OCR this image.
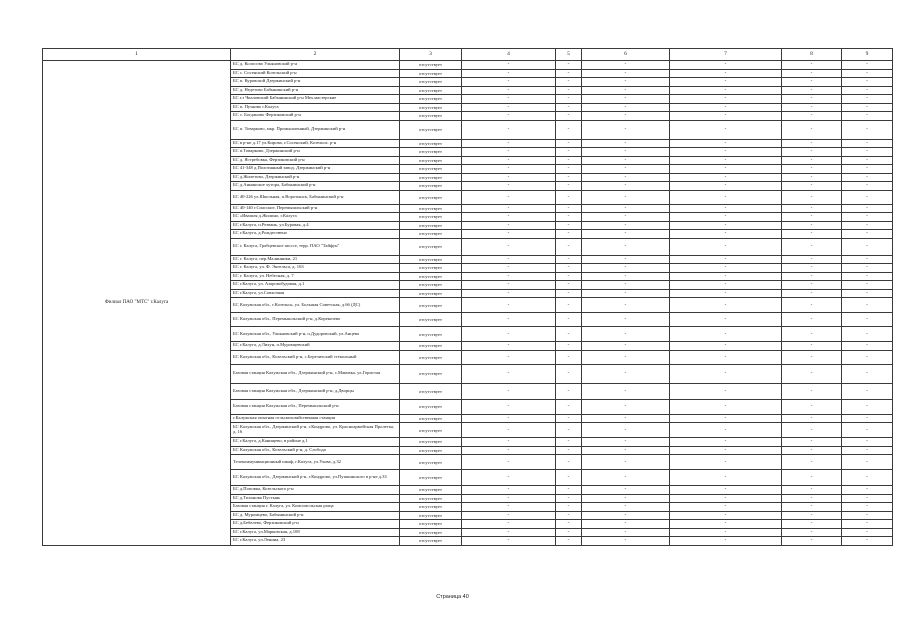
1	2	3	4	5	6	7	8	9
Филиал ПАО "МТС" г.Калуга	БС д. Колосово Ульяновский р-н	отсутствует	-	-	-	-	-	-
	БС с. Сосенский Козельский р-н	отсутствует	-	-	-	-	-	-
	БС п. Куровской Дзержинский р-н	отсутствует	-	-	-	-	-	-
	БС д. Недетово Бабынинский р-н	отсутствует	-	-	-	-	-	-
	БС г.з Чкаловский Бабынинский р-н Мех.мастерские	отсутствует	-	-	-	-	-	-
	БС п. Пучково г.Калуга	отсутствует	-	-	-	-	-	-
	БС с. Богданово Ферзиковский р-н	отсутствует	-	-	-	-	-	-
	БС п. Товарково, мкр. Промышленный, Дзержинский р-н	отсутствует	-	-	-	-	-	-
	БС в р-не д.17 ул.Кирова, г.Сосенский, Козельск. р-н	отсутствует	-	-	-	-	-	-
	БС п.Товарково, Дзержинский р-н	отсутствует	-	-	-	-	-	-
	БС д. Ястребовка, Ферзиковский р-н	отсутствует	-	-	-	-	-	-
	БС 41-348 д.Полотняный завод, Дзержинский р-н	отсутствует	-	-	-	-	-	-
	БС д.Жилетово, Дзержинский р-н	отсутствует	-	-	-	-	-	-
	БС д.Аннинское хутора, Бабынинский р-н	отсутствует	-	-	-	-	-	-
	БС 40-226 ул.Школьная, п.Воротынск, Бабынинский р-н	отсутствует	-	-	-	-	-	-
	БС 40-140 г.Спасское, Перемышльский р-н	отсутствует	-	-	-	-	-	-
	БС «Ивашля д.Жилино, г.Калуга	отсутствует	-	-	-	-	-	-
	БС г.Калуга, п.Резвань, ул.Буровая, д.4	отсутствует	-	-	-	-	-	-
	БС г.Калуга, д.Рождествено	отсутствует	-	-	-	-	-	-
	БС г. Калуга, Грабцевское шоссе, терр. ПАО "Тайфун"	отсутствует	-	-	-	-	-	-
	БС г. Калуга, пер.Малинники, 21	отсутствует	-	-	-	-	-	-
	БС г. Калуга, ул. Ф. Энгельса, д. 163	отсутствует	-	-	-	-	-	-
	БС г. Калуга, ул. Небесная, д. 7	отсутствует	-	-	-	-	-	-
	БС г.Калуга, ул. Азаровобудовая, д.1	отсутствует	-	-	-	-	-	-
	БС г.Калуга, ул.Совхозная	отсутствует	-	-	-	-	-	-
	БС Калужская обл., г.Козельск, ул. Большая Советская, д.66 (ДС)	отсутствует	-	-	-	-	-	-
	БС Калужская обл., Перемышльский р-н, д.Корекозево	отсутствует	-	-	-	-	-	-
	БС Калужская обл., Ульяновский р-н, п.Дудоровский, ул.Анцева	отсутствует	-	-	-	-	-	-
	БС г.Калуга, д.Лихун, п.Муромцевский	отсутствует	-	-	-	-	-	-
	БС Калужская обл., Козельский р-н, с.Березичский стекольный	отсутствует	-	-	-	-	-	-
	Базовая станция Калужская обл., Дзержинский р-н, с.Маковка, ул.Гористая	отсутствует	-	-	-	-	-	-
	Базовая станция Калужская обл., Дзержинский р-н, д.Дворцы	отсутствует	-	-	-	-	-	-
	Базовая станция Калужская обл., Перемышльский р-н	отсутствует	-	-	-	-	-	-
	г.Калужская опытная сельскохозяйственная станция	отсутствует	-	-	-	-	-	-
	БС Калужская обл., Дзержинский р-н, г.Кондрово, ул. Красноармейская Пролетка, д. 16	отсутствует	-	-	-	-	-	-
	БС г.Калуга, д.Канищево, в районе д.1	отсутствует	-	-	-	-	-	-
	БС Калужская обл., Козельский р-н, д. Слобода	отсутствует	-	-	-	-	-	-
	Телекоммуникационный шкаф, г.Калуга, ул.Ухова, д.32	отсутствует	-	-	-	-	-	-
	БС Калужская обл., Дзержинский р-н, г.Кондрово, ул.Пушкинского в р-не д.33	отсутствует	-	-	-	-	-	-
	БС д.Поповка, Козельского р-н	отсутствует	-	-	-	-	-	-
	БС д.Тихонова Пустынь	отсутствует	-	-	-	-	-	-
	Базовая станция г. Калуга, ул. Комсомольская роща	отсутствует	-	-	-	-	-	-
	БС д. Муромцево, Бабынинский р-н	отсутствует	-	-	-	-	-	-
	БС д.Бебелево, Ферзиковский р-н	отсутствует	-	-	-	-	-	-
	БС г.Калуга, ул.Марковская, д.108	отсутствует	-	-	-	-	-	-
	БС г.Калуга, ул.Ленина, 23	отсутствует	-	-	-	-	-	-
Страница 40
